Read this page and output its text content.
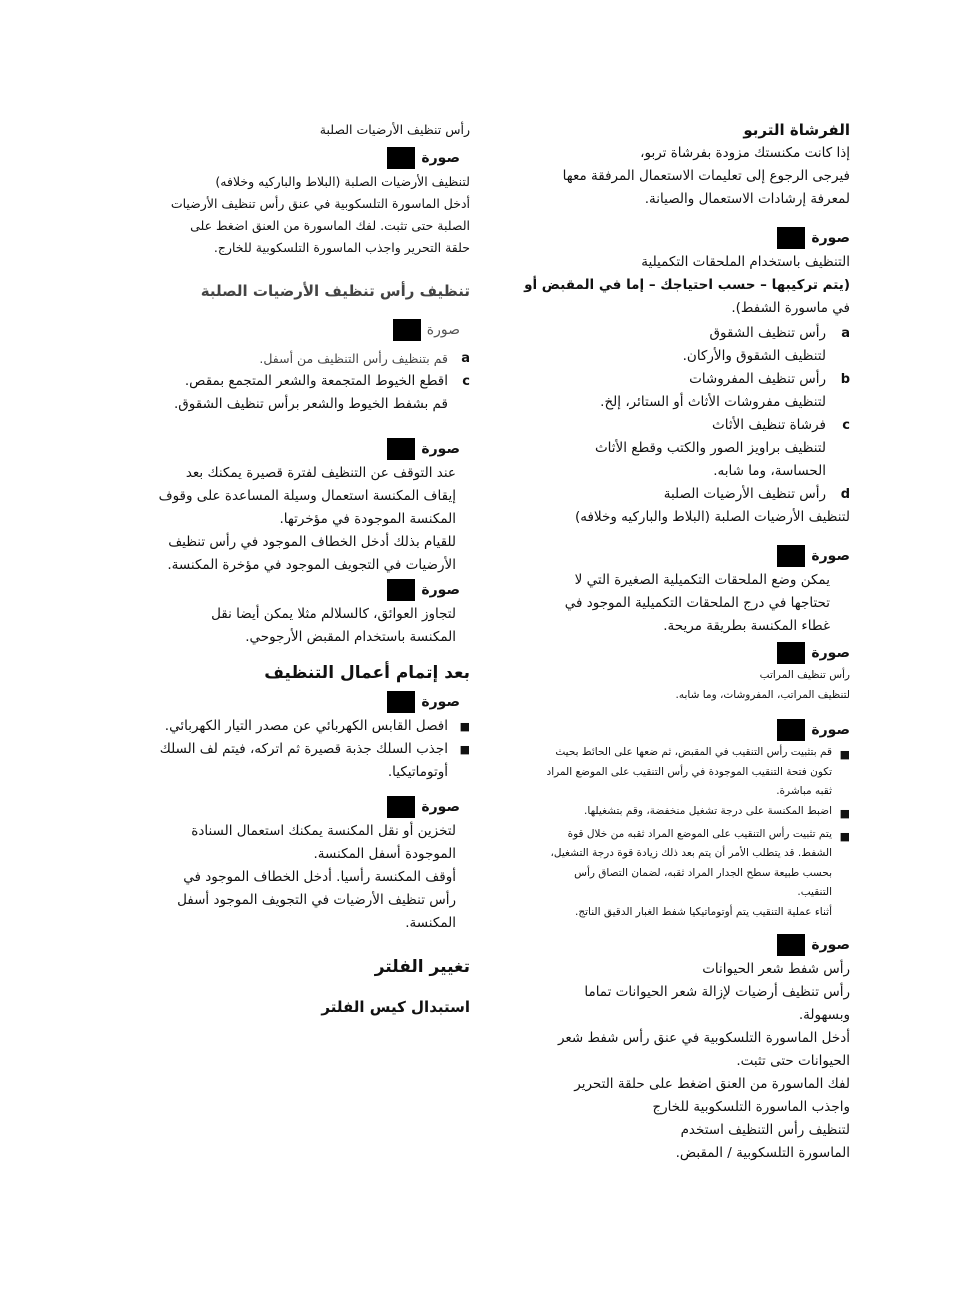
الفرشاة التربو
إذا كانت مكنستك مزودة بفرشاة تربو،
فيرجى الرجوع إلى تعليمات الاستعمال المرفقة معها
لمعرفة إرشادات الاستعمال والصيانة.
صورة
التنظيف باستخدام الملحقات التكميلية
(يتم تركيبها – حسب احتياجك – إما في المقبض أو
في ماسورة الشفط).
a
رأس تنظيف الشقوق
لتنظيف الشقوق والأركان.
b
رأس تنظيف المفروشات
لتنظيف مفروشات الأثاث أو الستائر، إلخ.
c
فرشاة تنظيف الأثاث
لتنظيف براويز الصور والكتب وقطع الأثاث
الحساسة، وما شابه.
d
رأس تنظيف الأرضيات الصلبة
لتنظيف الأرضيات الصلبة (البلاط والباركيه وخلافه)
صورة
يمكن وضع الملحقات التكميلية الصغيرة التي لا
تحتاجها في درج الملحقات التكميلية الموجود في
غطاء المكنسة بطريقة مريحة.
صورة
رأس تنظيف المراتب
لتنظيف المراتب، المفروشات، وما شابه.
صورة
■
قم بتثبيت رأس التنقيب في المقبض، ثم ضعها على الحائط بحيث
تكون فتحة التنقيب الموجودة في رأس التنقيب على الموضع المراد
ثقبه مباشرة.
■
اضبط المكنسة على درجة تشغيل منخفضة، وقم بتشغيلها.
■
يتم تثبيت رأس التنقيب على الموضع المراد ثقبه من خلال قوة
الشفط. قد يتطلب الأمر أن يتم بعد ذلك زيادة قوة درجة التشغيل،
بحسب طبيعة سطح الجدار المراد ثقبه، لضمان التصاق رأس
التنقيب.
أثناء عملية التنقيب يتم أوتوماتيكيا شفط الغبار الدقيق الناتج.
صورة
رأس شفط شعر الحيوانات
رأس تنظيف أرضيات لإزالة شعر الحيوانات تماما
وبسهولة.
أدخل الماسورة التلسكوبية في عنق رأس شفط شعر
الحيوانات حتى تثبت.
لفك الماسورة من العنق اضغط على حلقة التحرير
واجذب الماسورة التلسكوبية للخارج
لتنظيف رأس التنظيف استخدم
الماسورة التلسكوبية / المقبض.
رأس تنظيف الأرضيات الصلبة
صورة
لتنظيف الأرضيات الصلبة (البلاط والباركيه وخلافه)
أدخل الماسورة التلسكوبية في عنق رأس تنظيف الأرضيات
الصلبة حتى تثبت. لفك الماسورة من العنق اضغط على
حلقة التحرير واجذب الماسورة التلسكوبية للخارج.
تنظيف رأس تنظيف الأرضيات الصلبة
صورة
a
قم بتنظيف رأس التنظيف من أسفل.
c
اقطع الخيوط المتجمعة والشعر المتجمع بمقص.
قم بشفط الخيوط والشعر برأس تنظيف الشقوق.
صورة
عند التوقف عن التنظيف لفترة قصيرة يمكنك بعد
إيقاف المكنسة استعمال وسيلة المساعدة على وقوف
المكنسة الموجودة في مؤخرتها.
للقيام بذلك أدخل الخطاف الموجود في رأس تنظيف
الأرضيات في التجويف الموجود في مؤخرة المكنسة.
صورة
لتجاوز العوائق، كالسلالم مثلا يمكن أيضا نقل
المكنسة باستخدام المقبض الأرجوحي.
بعد إتمام أعمال التنظيف
صورة
■
افصل القابس الكهربائي عن مصدر التيار الكهربائي.
■
اجذب السلك جذبة قصيرة ثم اتركه، فيتم لف السلك
أوتوماتيكيا.
صورة
لتخزين أو نقل المكنسة يمكنك استعمال السنادة
الموجودة أسفل المكنسة.
أوقف المكنسة رأسيا. أدخل الخطاف الموجود في
رأس تنظيف الأرضيات في التجويف الموجود أسفل
المكنسة.
تغيير الفلتر
استبدال كيس الفلتر
